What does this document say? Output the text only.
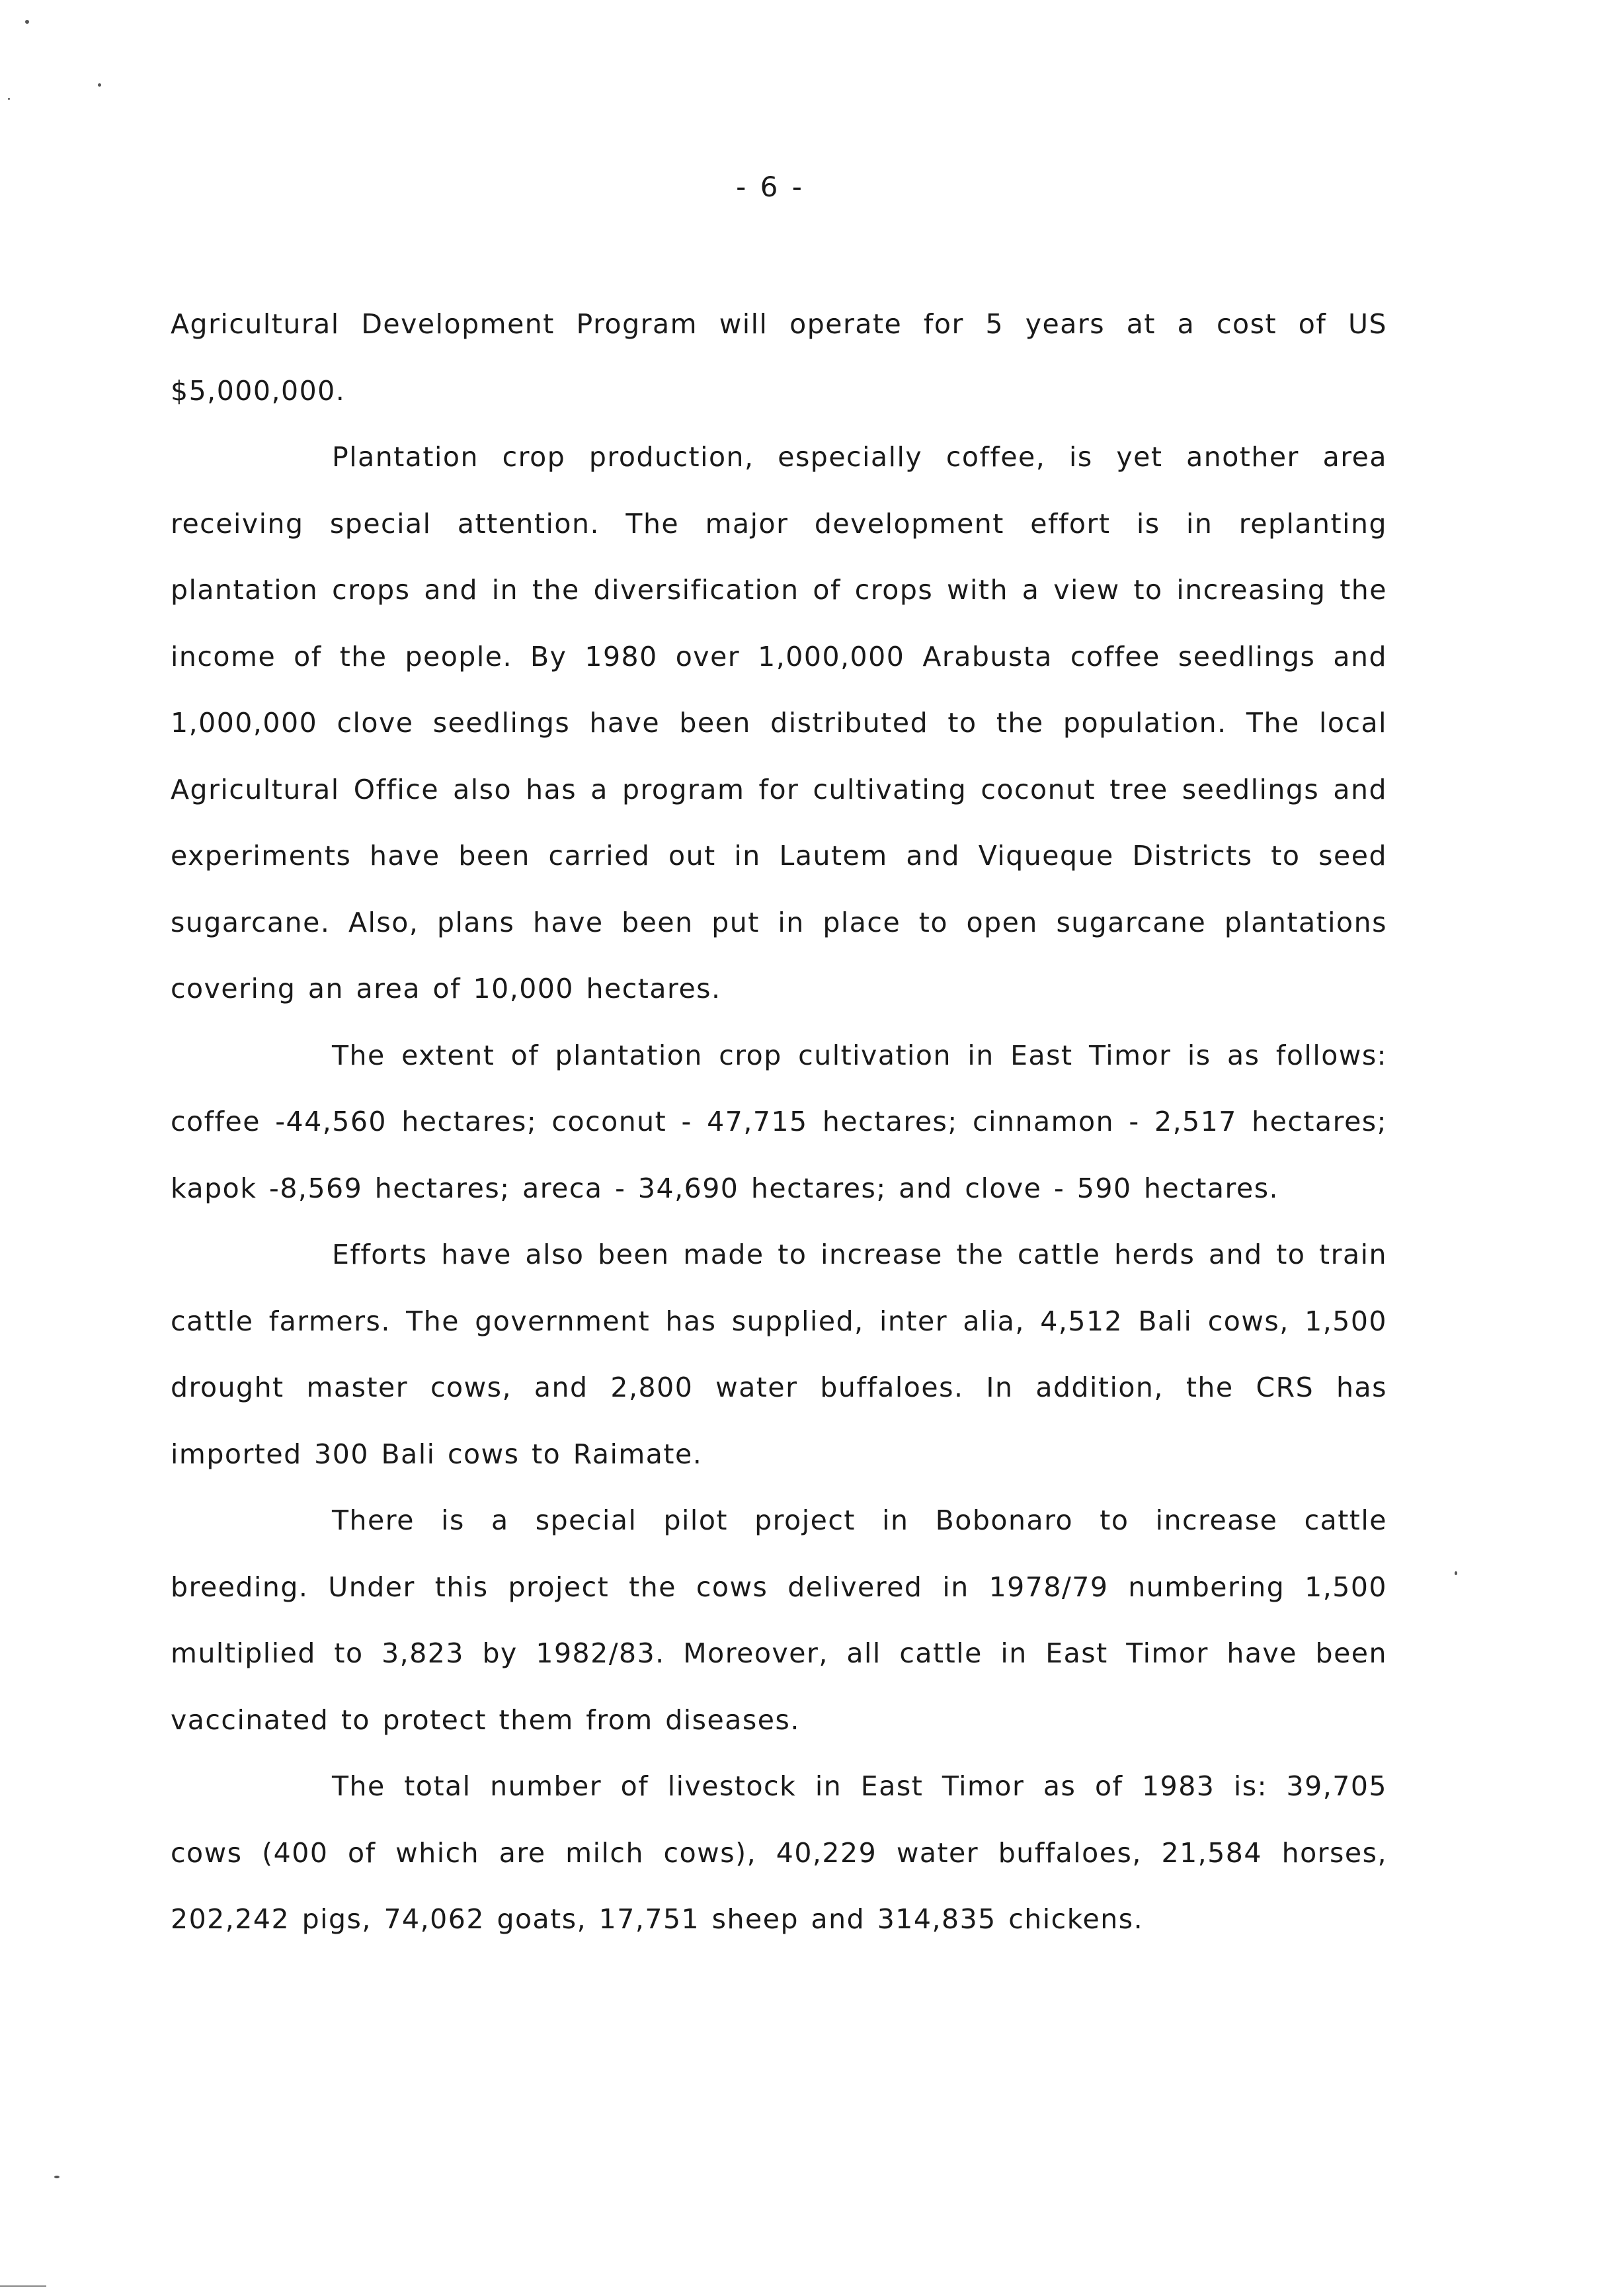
- 6 -

Agricultural Development Program will operate for 5 years at a cost of US $5,000,000.

Plantation crop production, especially coffee, is yet another area receiving special attention. The major development effort is in replanting plantation crops and in the diversification of crops with a view to increasing the income of the people. By 1980 over 1,000,000 Arabusta coffee seedlings and 1,000,000 clove seedlings have been distributed to the population. The local Agricultural Office also has a program for cultivating coconut tree seedlings and experiments have been carried out in Lautem and Viqueque Districts to seed sugarcane. Also, plans have been put in place to open sugarcane plantations covering an area of 10,000 hectares.

The extent of plantation crop cultivation in East Timor is as follows: coffee -44,560 hectares; coconut - 47,715 hectares; cinnamon - 2,517 hectares; kapok -8,569 hectares; areca - 34,690 hectares; and clove - 590 hectares.

Efforts have also been made to increase the cattle herds and to train cattle farmers. The government has supplied, inter alia, 4,512 Bali cows, 1,500 drought master cows, and 2,800 water buffaloes. In addition, the CRS has imported 300 Bali cows to Raimate.

There is a special pilot project in Bobonaro to increase cattle breeding. Under this project the cows delivered in 1978/79 numbering 1,500 multiplied to 3,823 by 1982/83. Moreover, all cattle in East Timor have been vaccinated to protect them from diseases.

The total number of livestock in East Timor as of 1983 is: 39,705 cows (400 of which are milch cows), 40,229 water buffaloes, 21,584 horses, 202,242 pigs, 74,062 goats, 17,751 sheep and 314,835 chickens.
